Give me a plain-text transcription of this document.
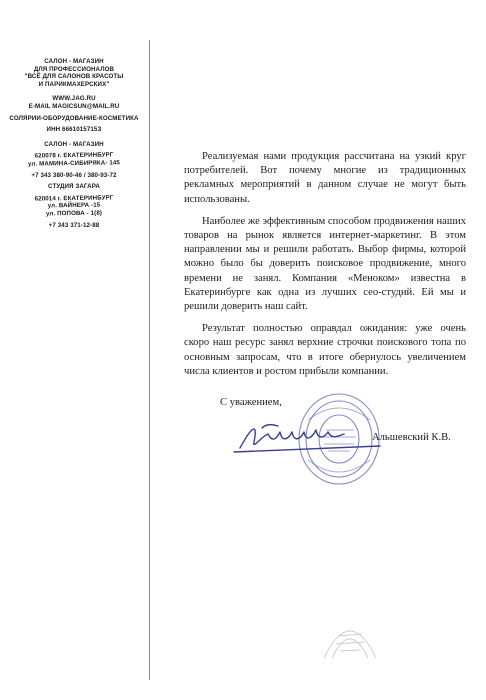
САЛОН - МАГАЗИН
ДЛЯ ПРОФЕССИОНАЛОВ
"ВСЁ ДЛЯ САЛОНОВ КРАСОТЫ
И ПАРИКМАХЕРСКИХ"
WWW.JAG.RU
E-MAIL MAGICSUN@MAIL.RU
СОЛЯРИИ-ОБОРУДОВАНИЕ-КОСМЕТИКА
ИНН 6661015715З
САЛОН - МАГАЗИН
620078 г. ЕКАТЕРИНБУРГ
ул. МАМИНА-СИБИРЯКА- 145
+7 343 380-90-46 / 380-93-72
СТУДИЯ ЗАГАРА
620014 г. ЕКАТЕРИНБУРГ
ул. ВАЙНЕРА -15
ул. ПОПОВА - 1(8)
+7 343 371-12-88

Реализуемая нами продукция рассчитана на узкий круг потребителей. Вот почему многие из традиционных рекламных мероприятий в данном случае не могут быть использованы.

Наиболее же эффективным способом продвижения наших товаров на рынок является интернет-маркетинг. В этом направлении мы и решили работать. Выбор фирмы, которой можно было бы доверить поисковое продвижение, много времени не занял. Компания «Меноком» известна в Екатеринбурге как одна из лучших сео-студий. Ей мы и решили доверить наш сайт.

Результат полностью оправдал ожидания: уже очень скоро наш ресурс занял верхние строчки поискового топа по основным запросам, что в итоге обернулось увеличением числа клиентов и ростом прибыли компании.

С уважением,
Альшевский К.В.
